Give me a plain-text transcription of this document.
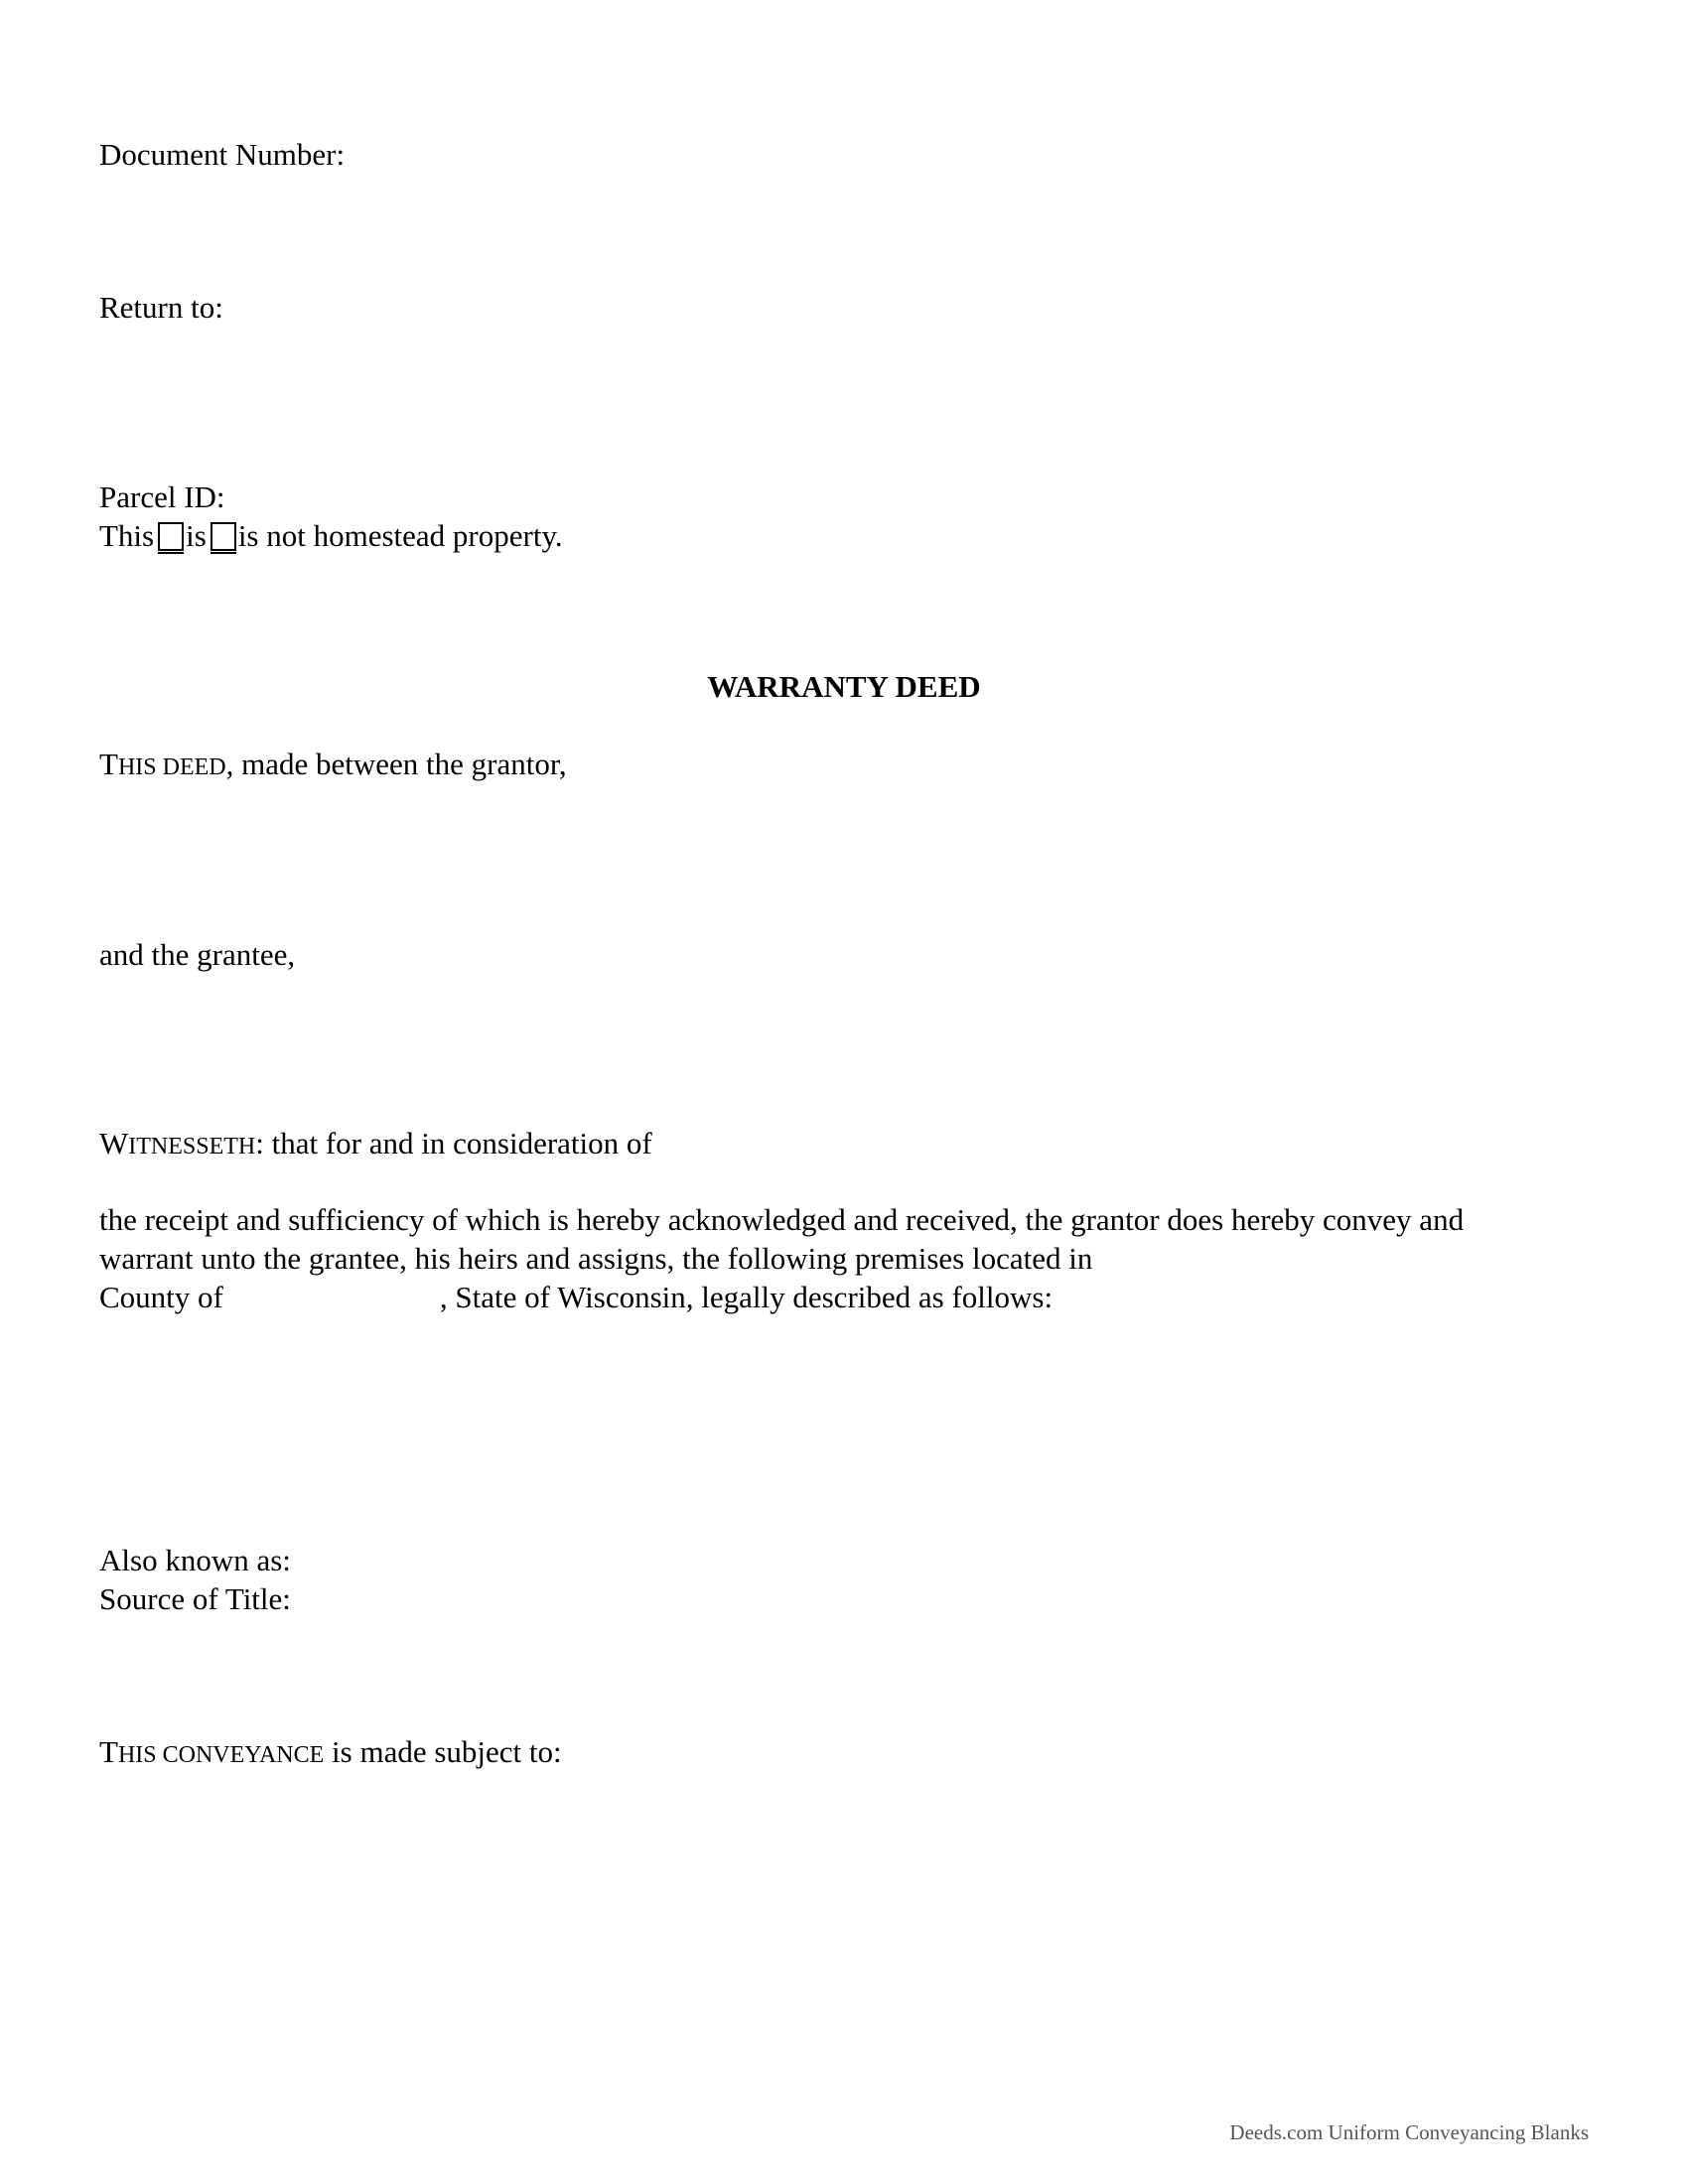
Document Number:
Return to:
Parcel ID:
This is is not homestead property.
WARRANTY DEED
THIS DEED, made between the grantor,
and the grantee,
WITNESSETH: that for and in consideration of
the receipt and sufficiency of which is hereby acknowledged and received, the grantor does hereby convey and
warrant unto the grantee, his heirs and assigns, the following premises located in
County of	, State of Wisconsin, legally described as follows:
Also known as:
Source of Title:
THIS CONVEYANCE is made subject to:
Deeds.com Uniform Conveyancing Blanks
